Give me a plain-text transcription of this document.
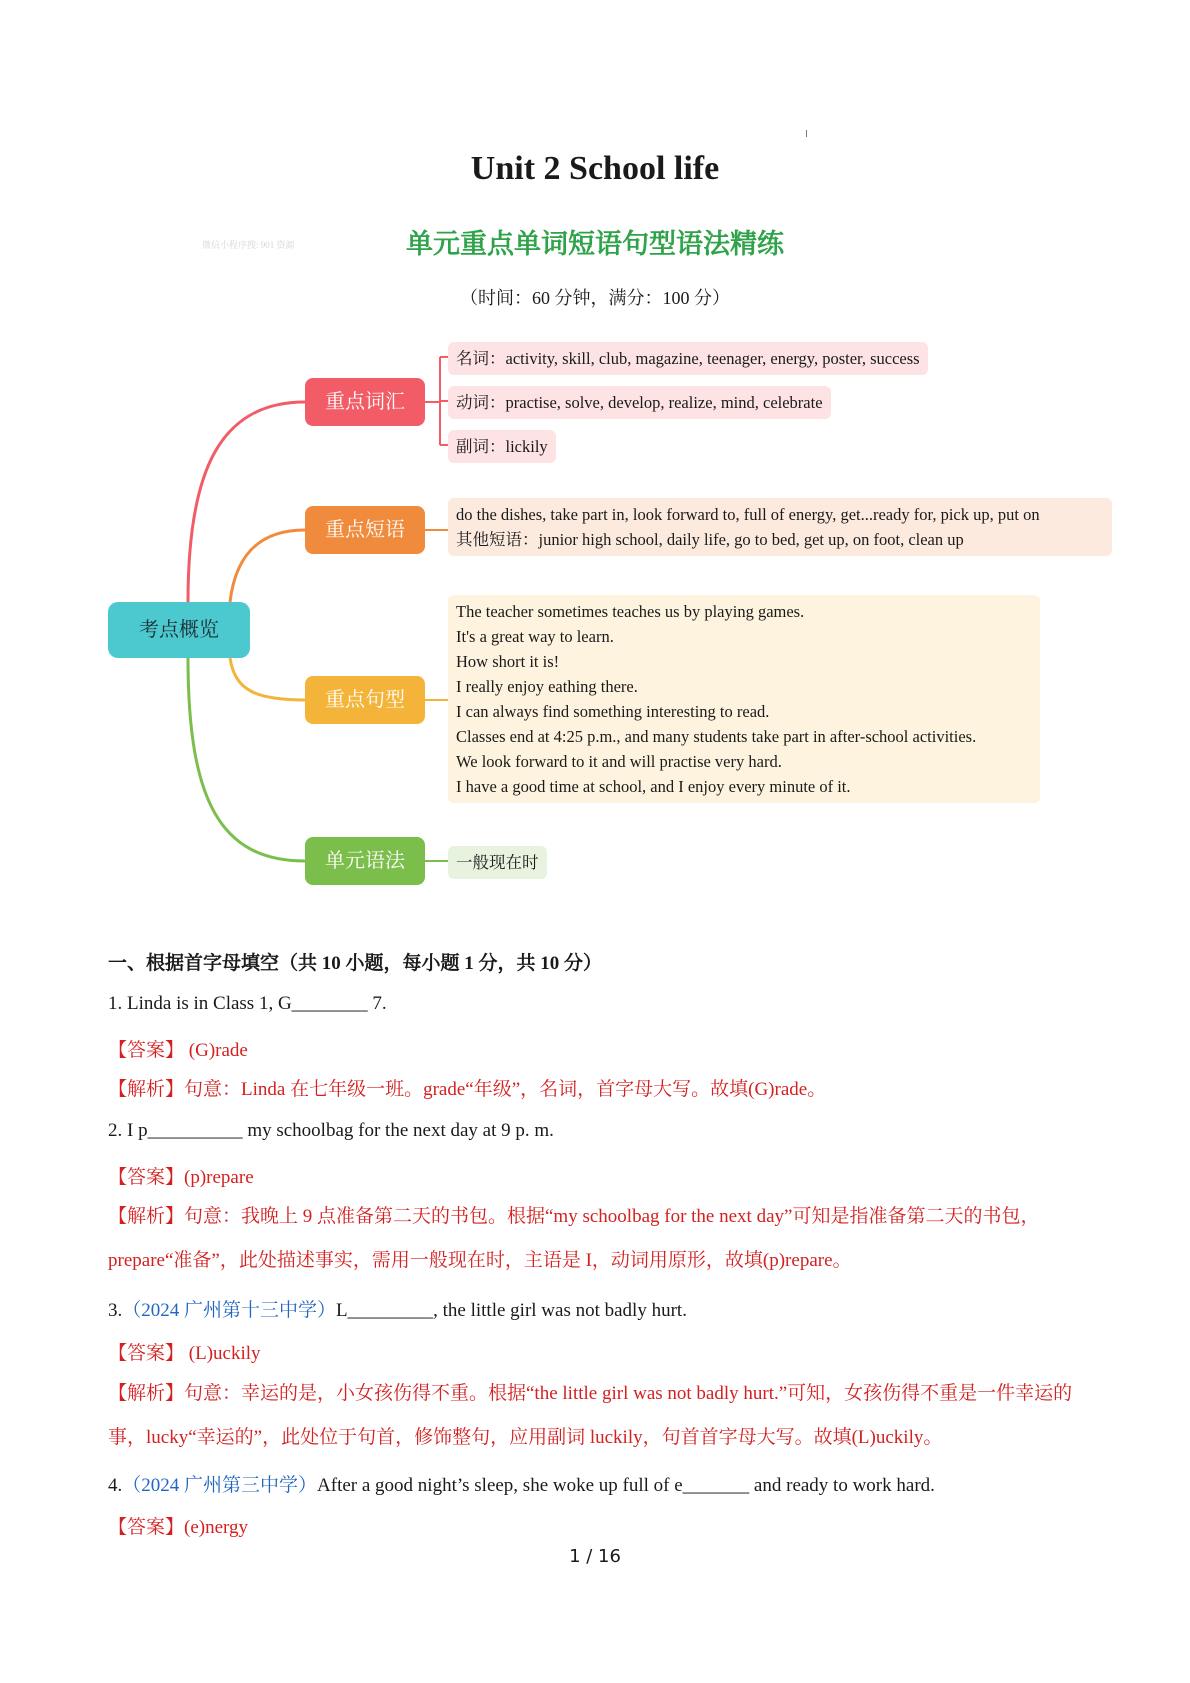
Unit 2 School life
单元重点单词短语句型语法精练
微信小程序搜: 901 资源
（时间：60 分钟，满分：100 分）
考点概览
重点词汇
重点短语
重点句型
单元语法
名词：activity, skill, club, magazine, teenager, energy, poster, success
动词：practise, solve, develop, realize, mind, celebrate
副词：lickily
do the dishes, take part in, look forward to, full of energy, get...ready for, pick up, put on
其他短语：junior high school, daily life, go to bed, get up, on foot, clean up
The teacher sometimes teaches us by playing games.
It's a great way to learn.
How short it is!
I really enjoy eathing there.
I can always find something interesting to read.
Classes end at 4:25 p.m., and many students take part in after-school activities.
We look forward to it and will practise very hard.
I have a good time at school, and I enjoy every minute of it.
一般现在时
一、根据首字母填空（共 10 小题，每小题 1 分，共 10 分）
1. Linda is in Class 1, G________ 7.
【答案】 (G)rade
【解析】句意：Linda 在七年级一班。grade“年级”，名词，首字母大写。故填(G)rade。
2. I p__________ my schoolbag for the next day at 9 p. m.
【答案】(p)repare
【解析】句意：我晚上 9 点准备第二天的书包。根据“my schoolbag for the next day”可知是指准备第二天的书包，prepare“准备”，此处描述事实，需用一般现在时，主语是 I，动词用原形，故填(p)repare。
3.（2024 广州第十三中学）L_________, the little girl was not badly hurt.
【答案】 (L)uckily
【解析】句意：幸运的是，小女孩伤得不重。根据“the little girl was not badly hurt.”可知，女孩伤得不重是一件幸运的事，lucky“幸运的”，此处位于句首，修饰整句，应用副词 luckily，句首首字母大写。故填(L)uckily。
4.（2024 广州第三中学）After a good night’s sleep, she woke up full of e_______ and ready to work hard.
【答案】(e)nergy
1 / 16
